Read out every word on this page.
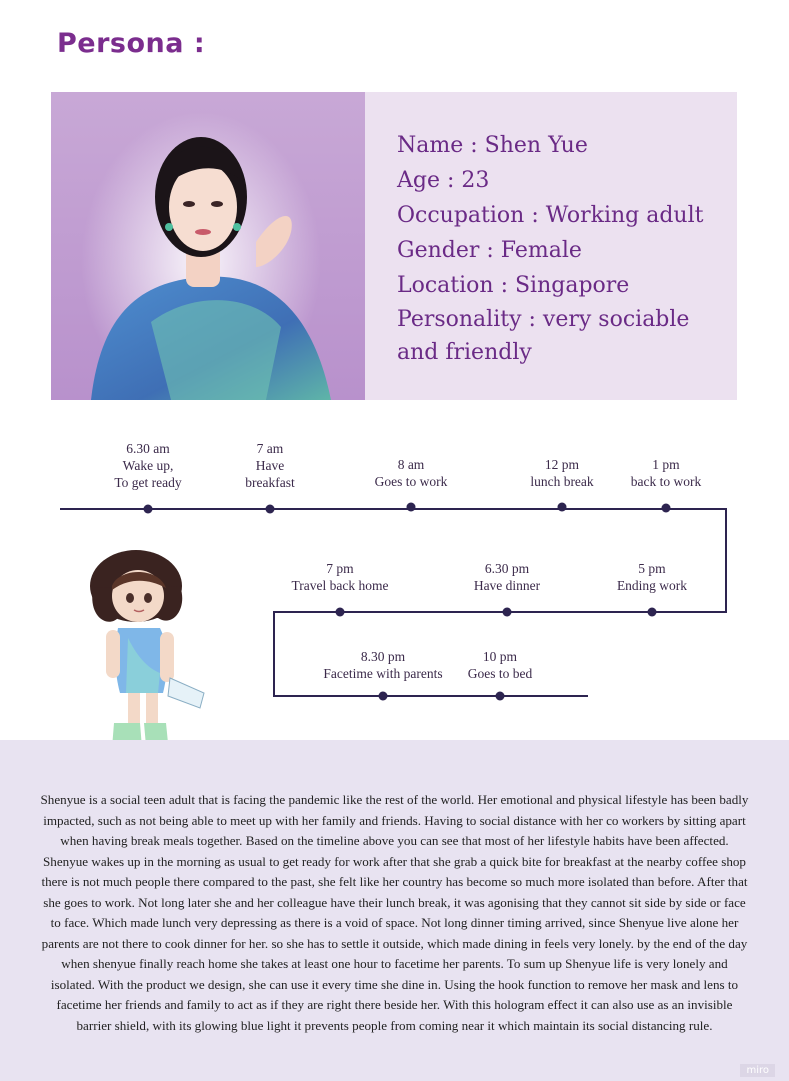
Persona :
Name : Shen Yue
Age : 23
Occupation : Working adult
Gender : Female
Location : Singapore
Personality : very sociable and friendly
6.30 am
Wake up,
To get ready
7 am
Have
breakfast
8 am
Goes to work
12 pm
lunch break
1 pm
back to work
5 pm
Ending work
6.30 pm
Have dinner
7 pm
Travel back home
8.30 pm
Facetime with parents
10 pm
Goes to bed
Shenyue is a social teen adult that is facing the pandemic like the rest of the world. Her emotional and physical lifestyle has been badly impacted, such as not being able to meet up with her family and friends. Having to social distance with her co workers by sitting apart when having break meals together. Based on the timeline above you can see that most of her lifestyle habits have been affected. Shenyue wakes up in the morning as usual to get ready for work after that she grab a quick bite for breakfast at the nearby coffee shop there is not much people there compared to the past, she felt like her country has become so much more isolated than before. After that she goes to work. Not long later she and her colleague have their lunch break, it was agonising that they cannot sit side by side or face to face. Which made lunch very depressing as there is a void of space. Not long dinner timing arrived, since Shenyue live alone her parents are not there to cook dinner for her. so she has to settle it outside, which made dining in feels very lonely. by the end of the day when shenyue finally reach home she takes at least one hour to facetime her parents. To sum up Shenyue life is very lonely and isolated. With the product we design, she can use it every time she dine in. Using the hook function to remove her mask and lens to facetime her friends and family to act as if they are right there beside her. With this hologram effect it can also use as an invisible barrier shield, with its glowing blue light it prevents people from coming near it which maintain its social distancing rule.
miro
